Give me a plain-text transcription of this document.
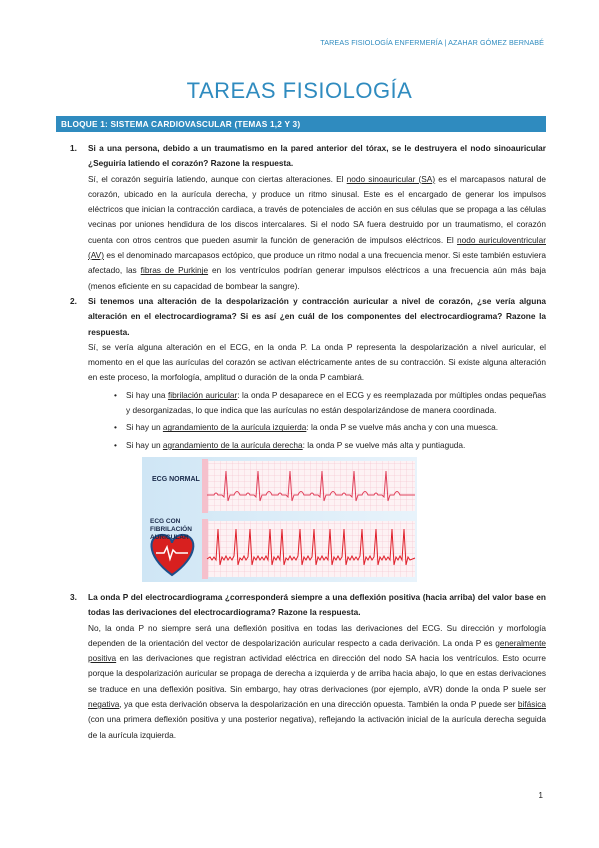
TAREAS FISIOLOGÍA ENFERMERÍA | AZAHAR GÓMEZ BERNABÉ
TAREAS FISIOLOGÍA
BLOQUE 1: SISTEMA CARDIOVASCULAR (TEMAS 1,2 Y 3)
1.	Si a una persona, debido a un traumatismo en la pared anterior del tórax, se le destruyera el nodo sinoauricular ¿Seguiría latiendo el corazón? Razone la respuesta.
Sí, el corazón seguiría latiendo, aunque con ciertas alteraciones. El nodo sinoauricular (SA) es el marcapasos natural de corazón, ubicado en la aurícula derecha, y produce un ritmo sinusal. Este es el encargado de generar los impulsos eléctricos que inician la contracción cardiaca, a través de potenciales de acción en sus células que se propaga a las células vecinas por uniones hendidura de los discos intercalares. Si el nodo SA fuera destruido por un traumatismo, el corazón cuenta con otros centros que pueden asumir la función de generación de impulsos eléctricos. El nodo auriculoventricular (AV) es el denominado marcapasos ectópico, que produce un ritmo nodal a una frecuencia menor. Si este también estuviera afectado, las fibras de Purkinje en los ventrículos podrían generar impulsos eléctricos a una frecuencia aún más baja (menos eficiente en su capacidad de bombear la sangre).
2.	Si tenemos una alteración de la despolarización y contracción auricular a nivel de corazón, ¿se vería alguna alteración en el electrocardiograma? Si es así ¿en cuál de los componentes del electrocardiograma? Razone la respuesta.
Sí, se vería alguna alteración en el ECG, en la onda P. La onda P representa la despolarización a nivel auricular, el momento en el que las aurículas del corazón se activan eléctricamente antes de su contracción. Si existe alguna alteración en este proceso, la morfología, amplitud o duración de la onda P cambiará.
• Si hay una fibrilación auricular: la onda P desaparece en el ECG y es reemplazada por múltiples ondas pequeñas y desorganizadas, lo que indica que las aurículas no están despolarizándose de manera coordinada.
• Si hay un agrandamiento de la aurícula izquierda: la onda P se vuelve más ancha y con una muesca.
• Si hay un agrandamiento de la aurícula derecha: la onda P se vuelve más alta y puntiaguda.
ECG NORMAL
ECG CON
FIBRILACIÓN
AURICULAR
3.	La onda P del electrocardiograma ¿corresponderá siempre a una deflexión positiva (hacia arriba) del valor base en todas las derivaciones del electrocardiograma? Razone la respuesta.
No, la onda P no siempre será una deflexión positiva en todas las derivaciones del ECG. Su dirección y morfología dependen de la orientación del vector de despolarización auricular respecto a cada derivación. La onda P es generalmente positiva en las derivaciones que registran actividad eléctrica en dirección del nodo SA hacia los ventrículos. Esto ocurre porque la despolarización auricular se propaga de derecha a izquierda y de arriba hacia abajo, lo que en estas derivaciones se traduce en una deflexión positiva. Sin embargo, hay otras derivaciones (por ejemplo, aVR) donde la onda P suele ser negativa, ya que esta derivación observa la despolarización en una dirección opuesta. También la onda P puede ser bifásica (con una primera deflexión positiva y una posterior negativa), reflejando la activación inicial de la aurícula derecha seguida de la aurícula izquierda.
1
